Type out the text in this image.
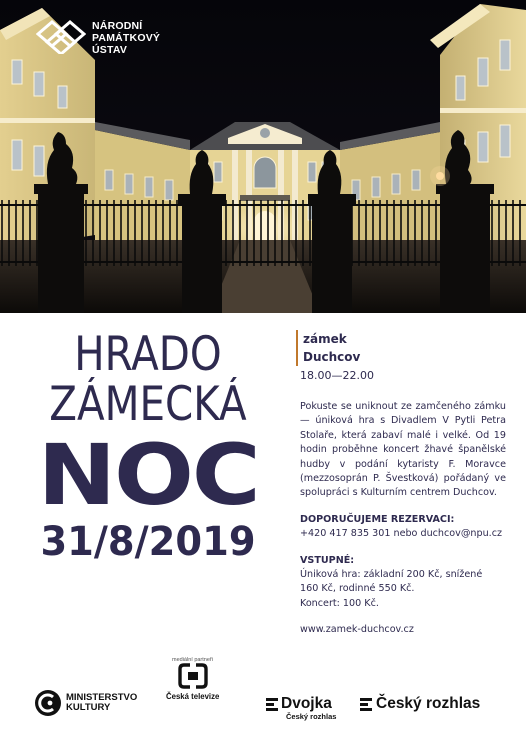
NÁRODNÍ
PAMÁTKOVÝ
ÚSTAV
HRADO
ZÁMECKÁ
NOC
31/8/2019
zámek
Duchcov
18.00—22.00

Pokuste se uniknout ze zamčeného zámku — úniková hra s Divadlem V Pytli Petra Stolaře, která zabaví malé i velké. Od 19 hodin proběhne koncert žhavé španělské hudby v podání kytaristy F. Moravce (mezzosoprán P. Švestková) pořádaný ve spolupráci s Kulturním centrem Duchcov.

DOPORUČUJEME REZERVACI:
+420 417 835 301 nebo duchcov@npu.cz
VSTUPNÉ:
Úniková hra: základní 200 Kč, snížené
160 Kč, rodinné 550 Kč.
Koncert: 100 Kč.
www.zamek-duchcov.cz
mediální partneři
MINISTERSTVO
KULTURY
Česká televize	Dvojka
Český rozhlas
Český rozhlas
